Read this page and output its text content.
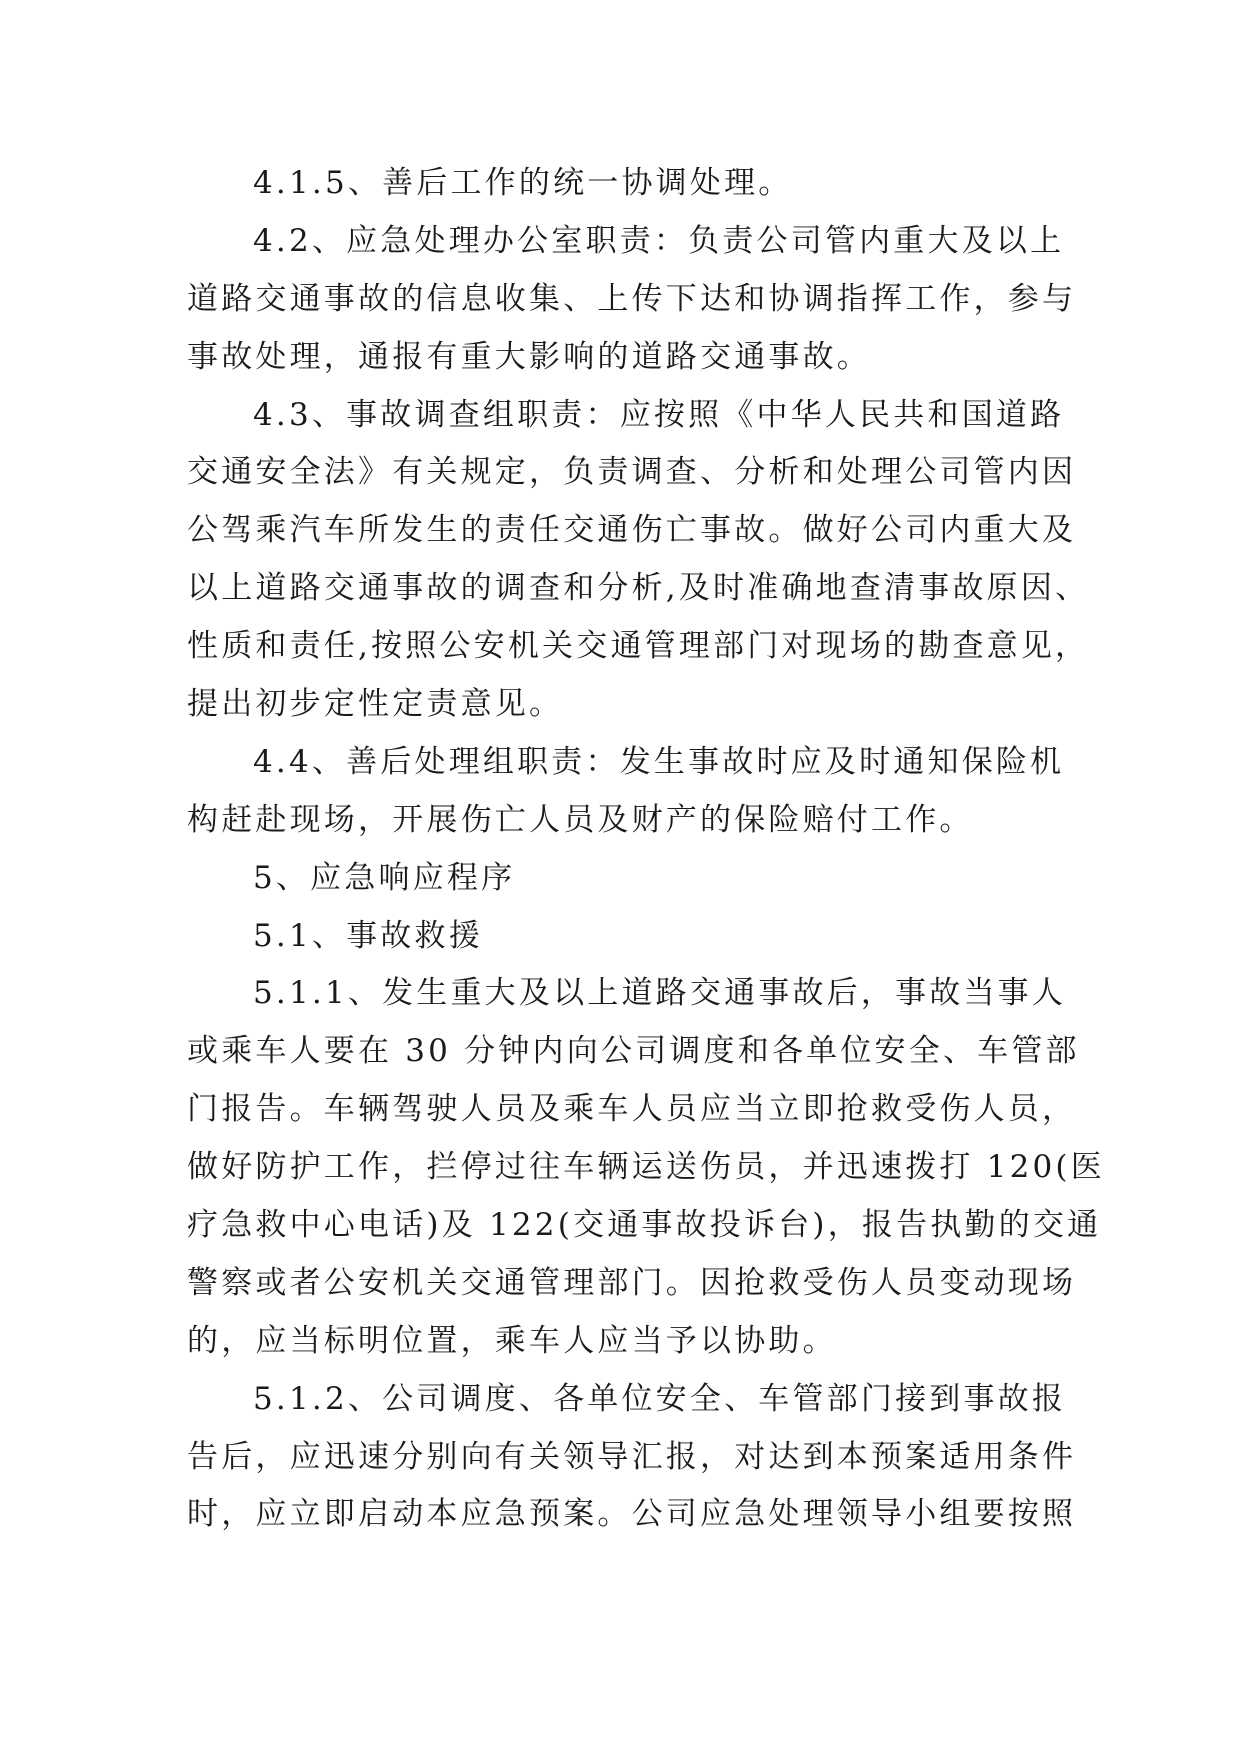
4.1.5、善后工作的统一协调处理。
4.2、应急处理办公室职责：负责公司管内重大及以上
道路交通事故的信息收集、上传下达和协调指挥工作，参与
事故处理，通报有重大影响的道路交通事故。
4.3、事故调查组职责：应按照《中华人民共和国道路
交通安全法》有关规定，负责调查、分析和处理公司管内因
公驾乘汽车所发生的责任交通伤亡事故。做好公司内重大及
以上道路交通事故的调查和分析,及时准确地查清事故原因、
性质和责任,按照公安机关交通管理部门对现场的勘查意见，
提出初步定性定责意见。
4.4、善后处理组职责：发生事故时应及时通知保险机
构赶赴现场，开展伤亡人员及财产的保险赔付工作。
5、应急响应程序
5.1、事故救援
5.1.1、发生重大及以上道路交通事故后，事故当事人
或乘车人要在 30 分钟内向公司调度和各单位安全、车管部
门报告。车辆驾驶人员及乘车人员应当立即抢救受伤人员，
做好防护工作，拦停过往车辆运送伤员，并迅速拨打 120(医
疗急救中心电话)及 122(交通事故投诉台)，报告执勤的交通
警察或者公安机关交通管理部门。因抢救受伤人员变动现场
的，应当标明位置，乘车人应当予以协助。
5.1.2、公司调度、各单位安全、车管部门接到事故报
告后，应迅速分别向有关领导汇报，对达到本预案适用条件
时，应立即启动本应急预案。公司应急处理领导小组要按照
